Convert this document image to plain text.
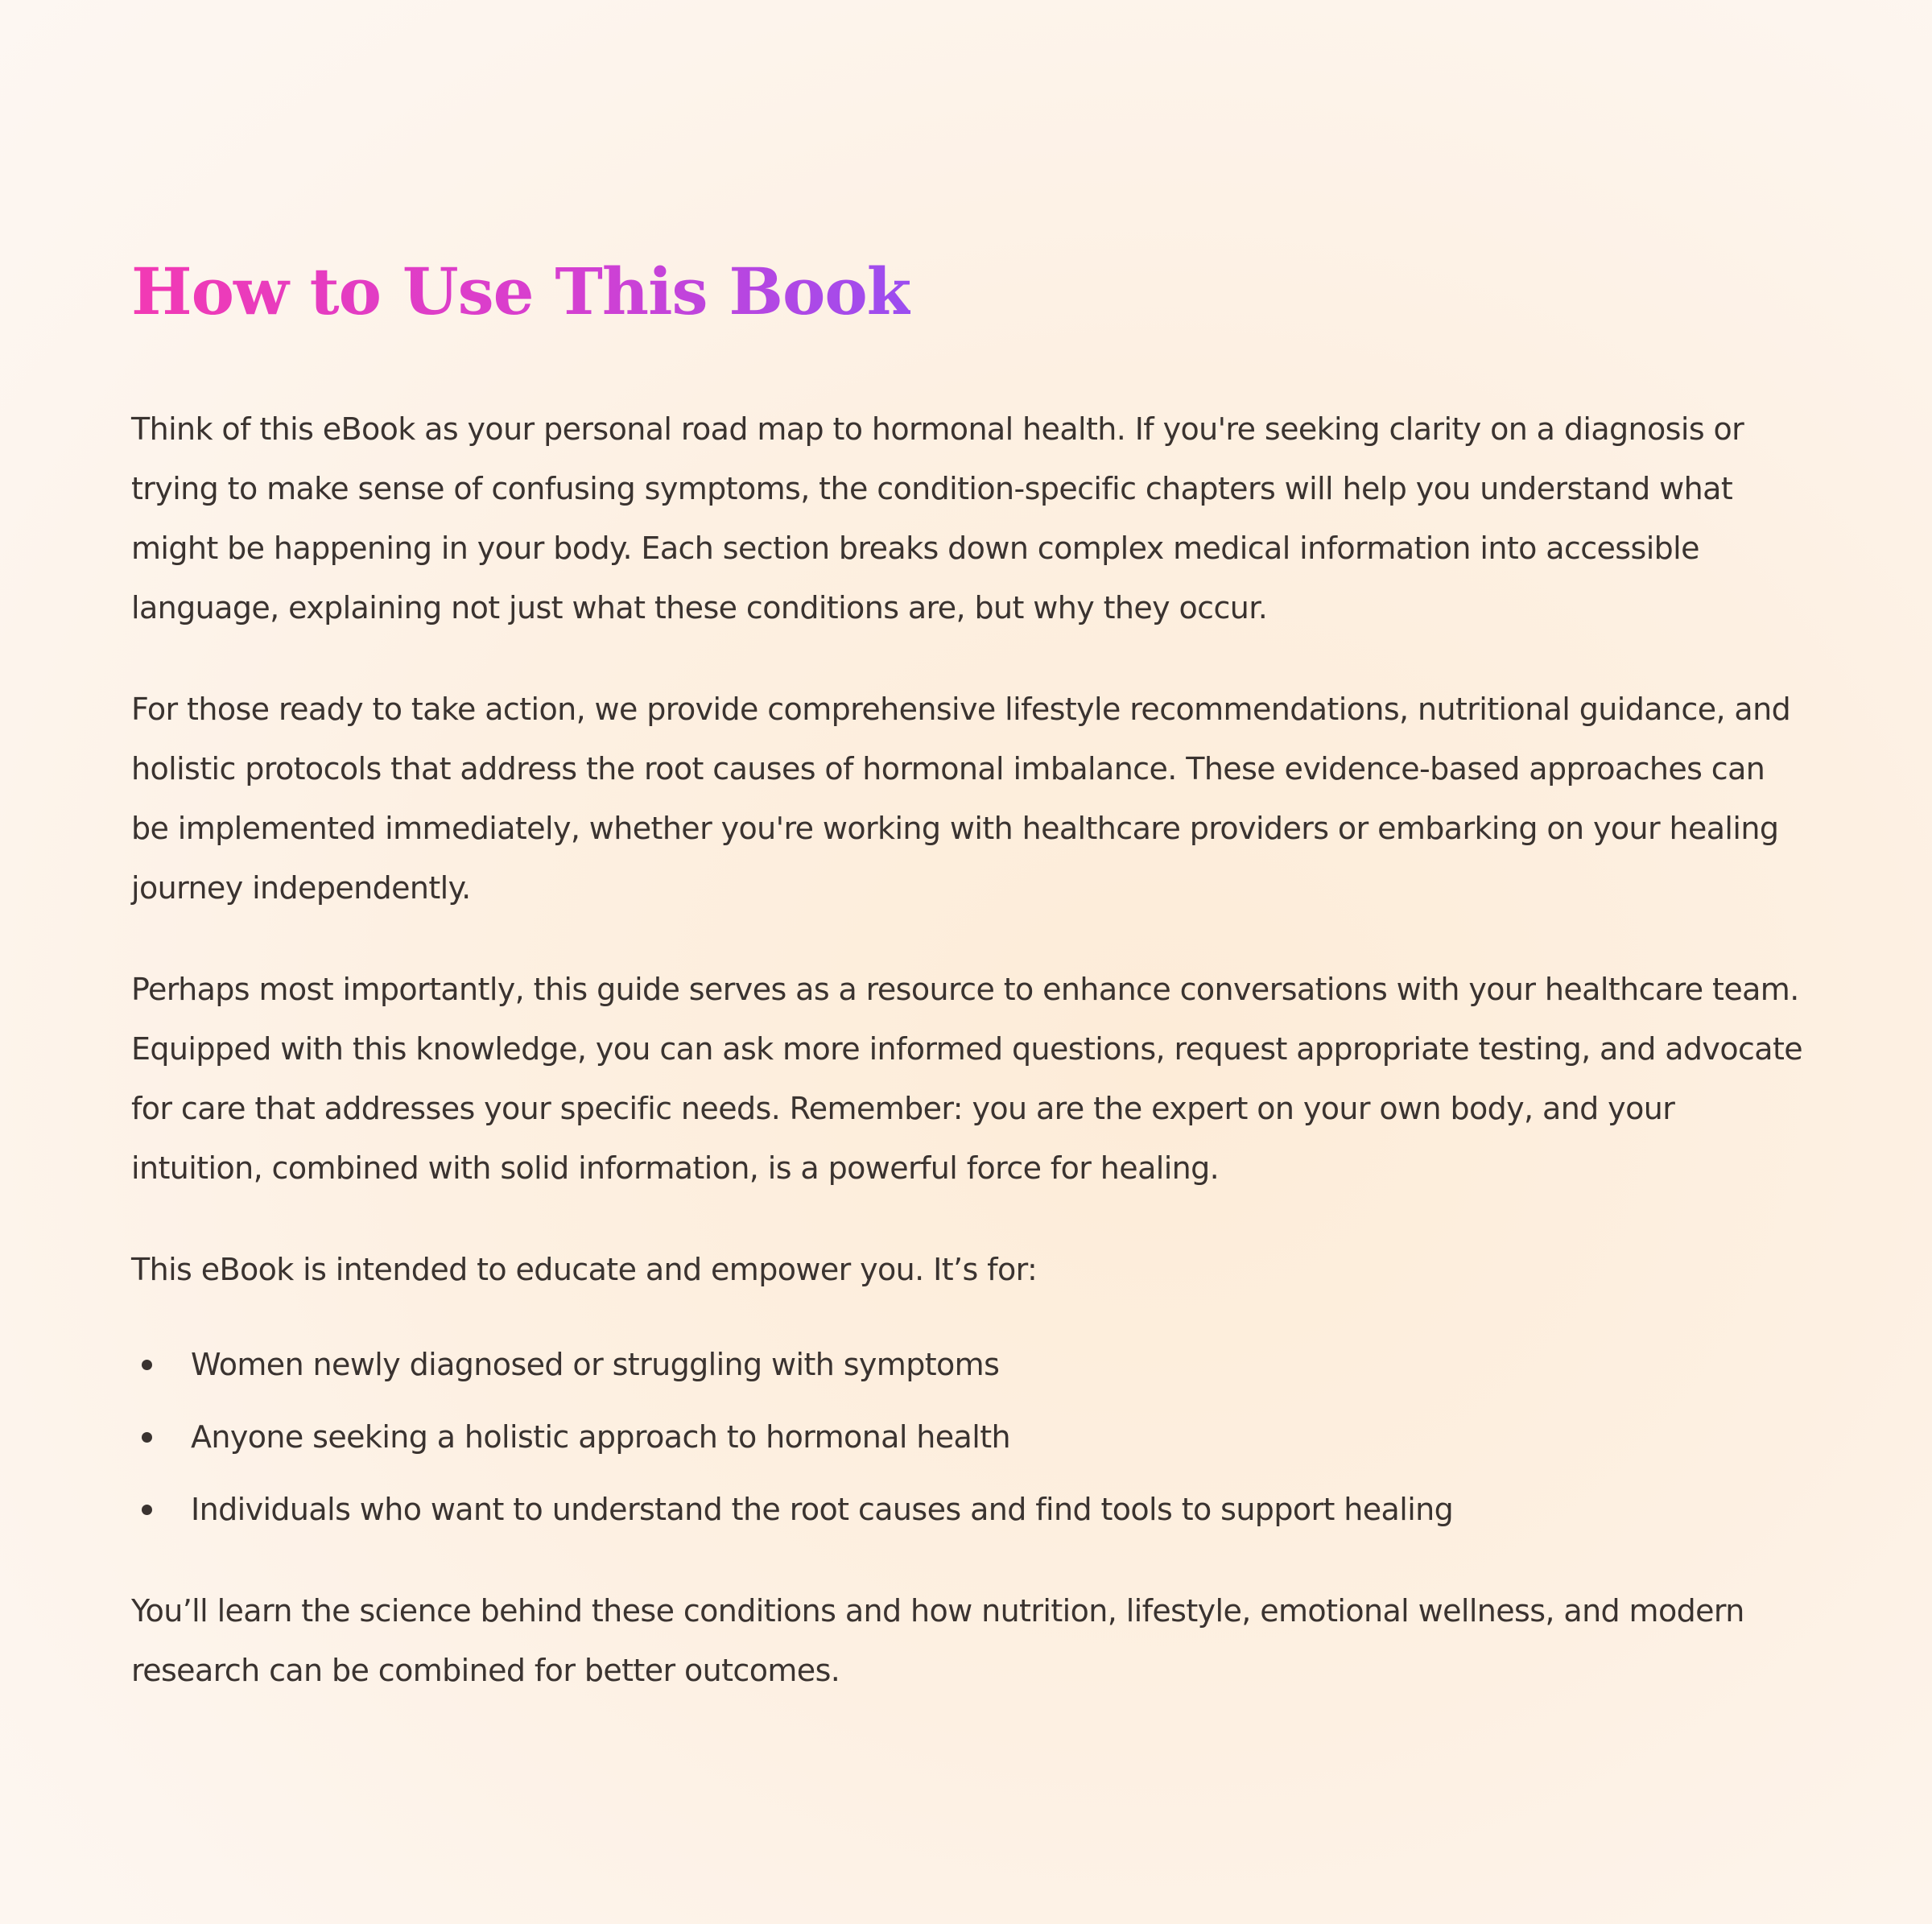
How to Use This Book

Think of this eBook as your personal road map to hormonal health. If you're seeking clarity on a diagnosis or trying to make sense of confusing symptoms, the condition-specific chapters will help you understand what might be happening in your body. Each section breaks down complex medical information into accessible language, explaining not just what these conditions are, but why they occur.

For those ready to take action, we provide comprehensive lifestyle recommendations, nutritional guidance, and holistic protocols that address the root causes of hormonal imbalance. These evidence-based approaches can be implemented immediately, whether you're working with healthcare providers or embarking on your healing journey independently.

Perhaps most importantly, this guide serves as a resource to enhance conversations with your healthcare team. Equipped with this knowledge, you can ask more informed questions, request appropriate testing, and advocate for care that addresses your specific needs. Remember: you are the expert on your own body, and your intuition, combined with solid information, is a powerful force for healing.

This eBook is intended to educate and empower you. It’s for:

Women newly diagnosed or struggling with symptoms
Anyone seeking a holistic approach to hormonal health
Individuals who want to understand the root causes and find tools to support healing

You’ll learn the science behind these conditions and how nutrition, lifestyle, emotional wellness, and modern research can be combined for better outcomes.
